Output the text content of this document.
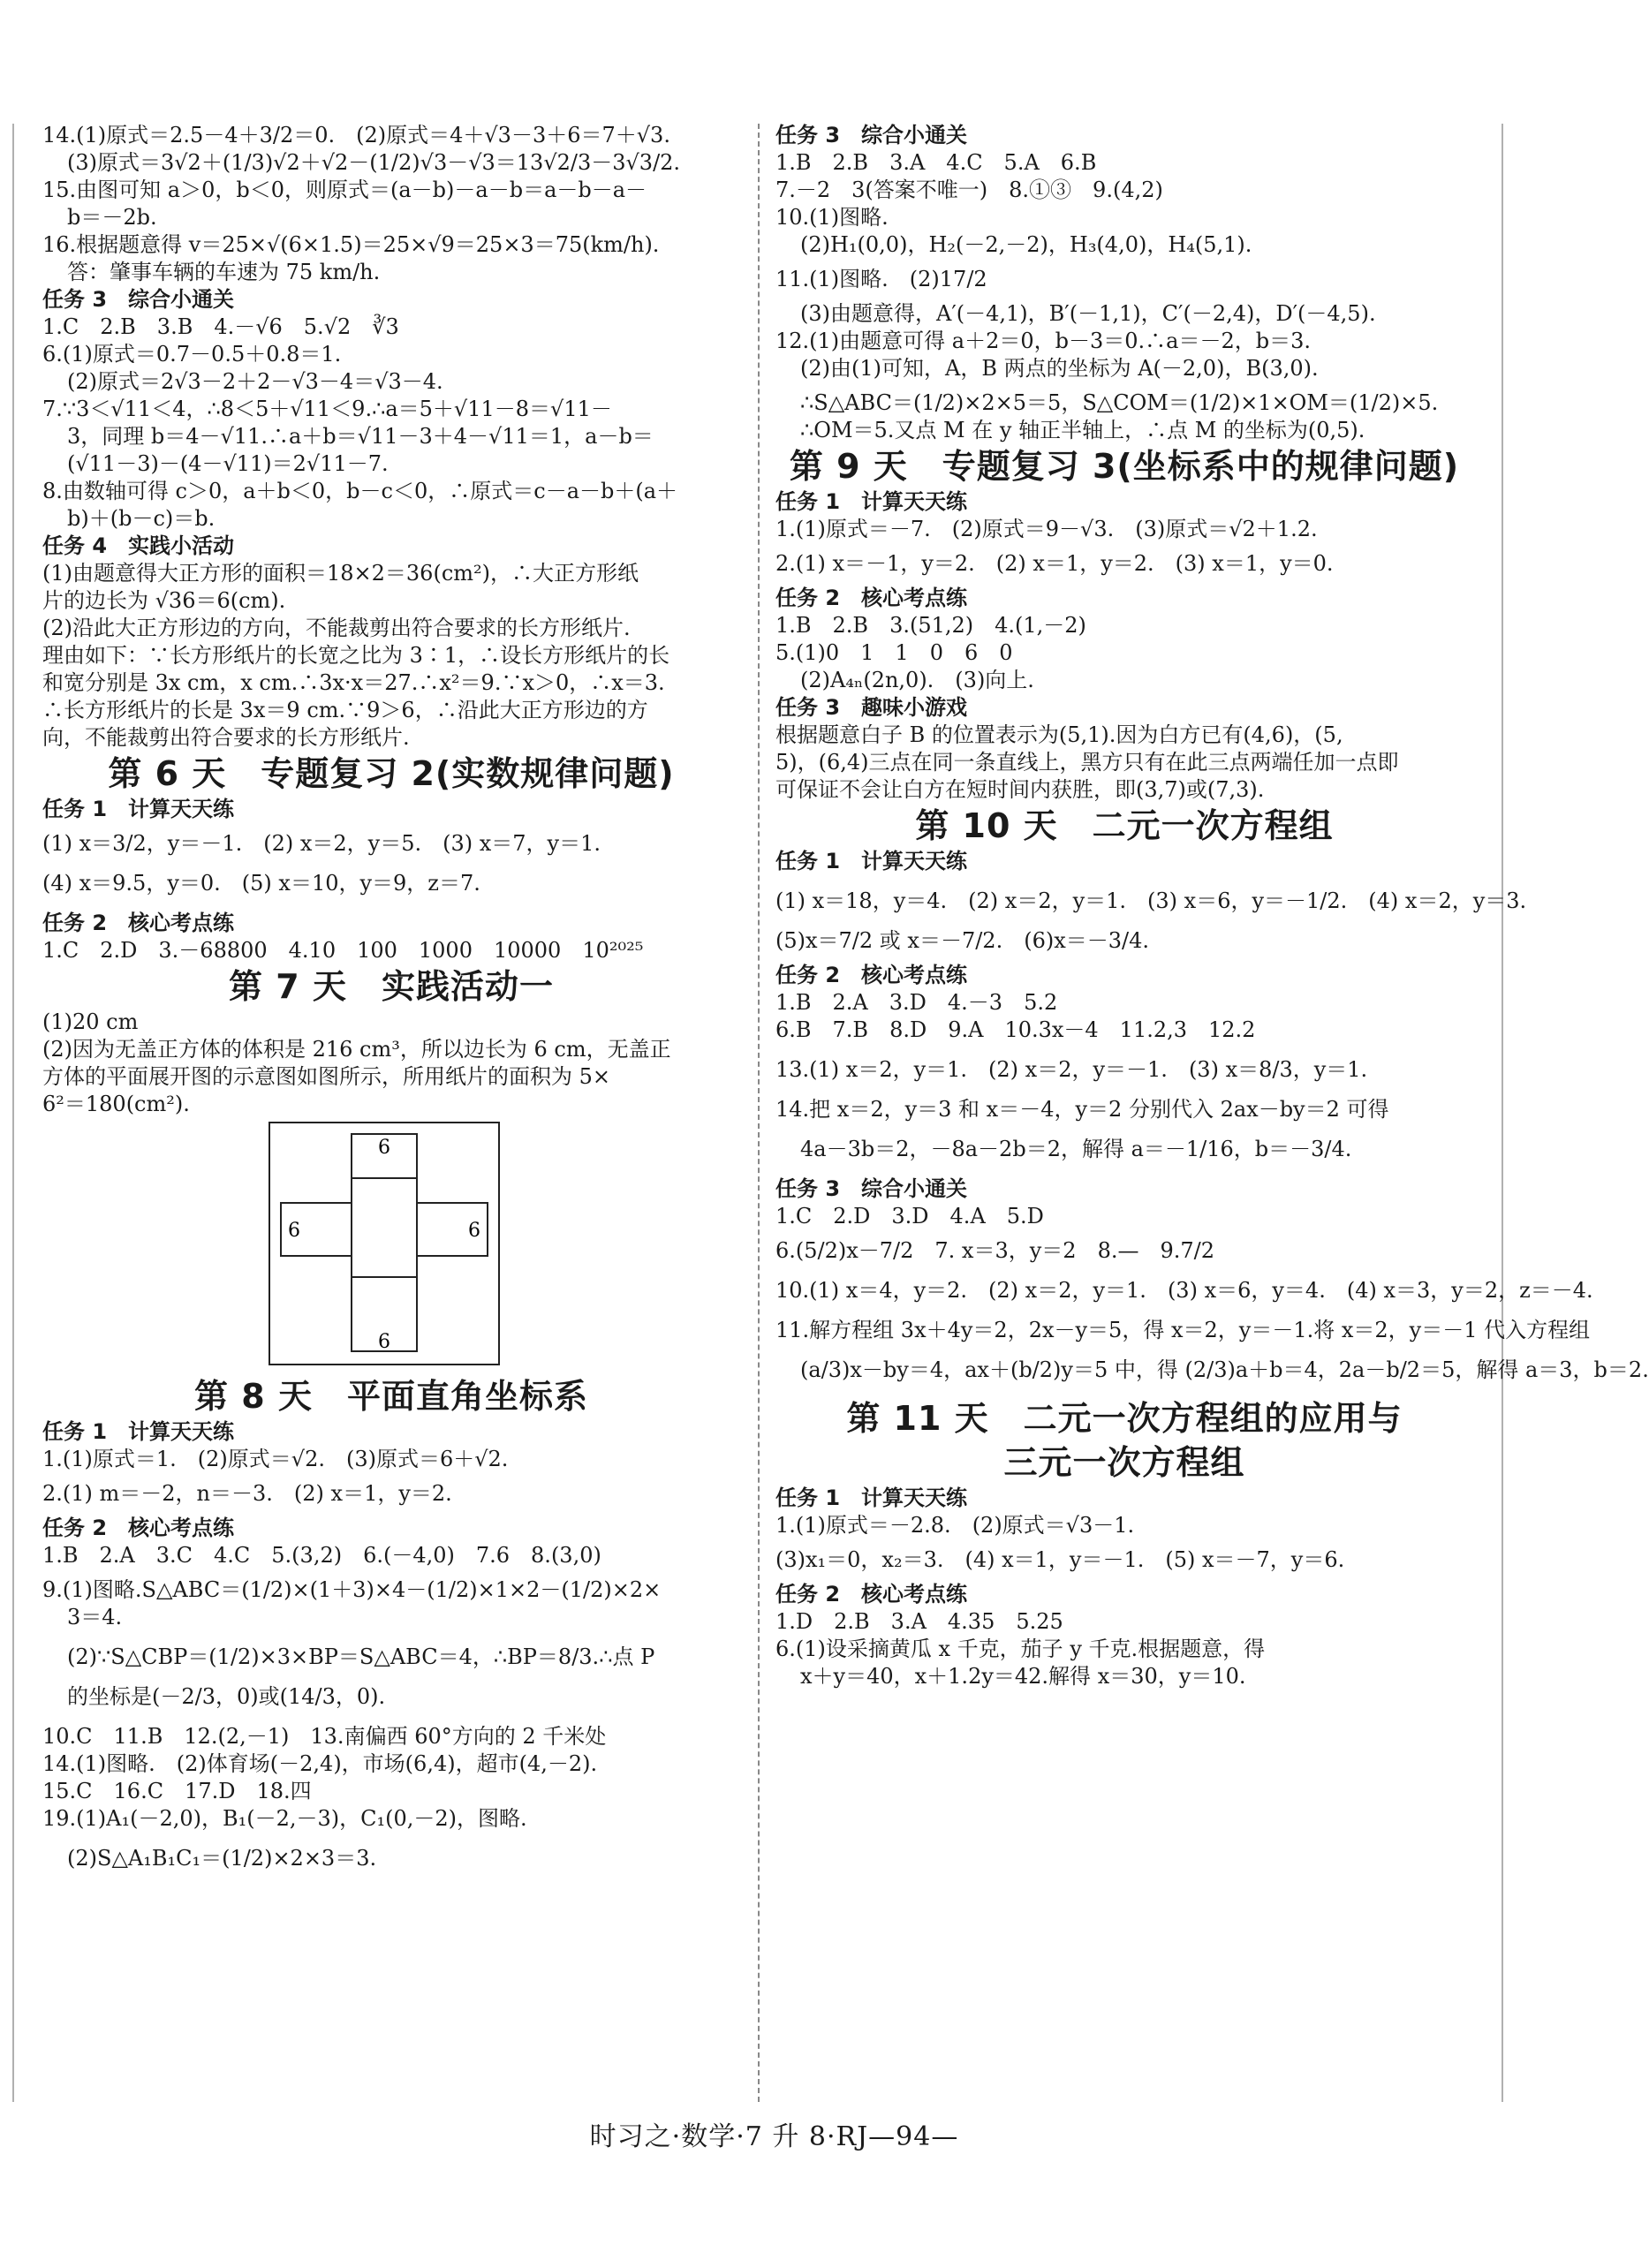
14.(1)原式＝2.5－4＋3/2＝0.　(2)原式＝4＋√3－3＋6＝7＋√3.
(3)原式＝3√2＋(1/3)√2＋√2－(1/2)√3－√3＝13√2/3－3√3/2.
15.由图可知 a＞0，b＜0，则原式＝(a－b)－a－b＝a－b－a－
b＝－2b.
16.根据题意得 v＝25×√(6×1.5)＝25×√9＝25×3＝75(km/h).
答：肇事车辆的车速为 75 km/h.
任务 3　综合小通关
1.C　2.B　3.B　4.－√6　5.√2　∛3
6.(1)原式＝0.7－0.5＋0.8＝1.
(2)原式＝2√3－2＋2－√3－4＝√3－4.
7.∵3＜√11＜4，∴8＜5＋√11＜9.∴a＝5＋√11－8＝√11－
3，同理 b＝4－√11.∴a＋b＝√11－3＋4－√11＝1，a－b＝
(√11－3)－(4－√11)＝2√11－7.
8.由数轴可得 c＞0，a＋b＜0，b－c＜0，∴原式＝c－a－b＋(a＋
b)＋(b－c)＝b.
任务 4　实践小活动
(1)由题意得大正方形的面积＝18×2＝36(cm²)，∴大正方形纸
片的边长为 √36＝6(cm).
(2)沿此大正方形边的方向，不能裁剪出符合要求的长方形纸片.
理由如下：∵长方形纸片的长宽之比为 3∶1，∴设长方形纸片的长
和宽分别是 3x cm，x cm.∴3x·x＝27.∴x²＝9.∵x＞0，∴x＝3.
∴长方形纸片的长是 3x＝9 cm.∵9＞6，∴沿此大正方形边的方
向，不能裁剪出符合要求的长方形纸片.
第 6 天　专题复习 2(实数规律问题)
任务 1　计算天天练
(1) x＝3/2，y＝－1.　(2) x＝2，y＝5.　(3) x＝7，y＝1.
(4) x＝9.5，y＝0.　(5) x＝10，y＝9，z＝7.
任务 2　核心考点练
1.C　2.D　3.－68800　4.10　100　1000　10000　10²⁰²⁵
第 7 天　实践活动一
(1)20 cm
(2)因为无盖正方体的体积是 216 cm³，所以边长为 6 cm，无盖正
方体的平面展开图的示意图如图所示，所用纸片的面积为 5×
6²＝180(cm²).
6
6	6
6
第 8 天　平面直角坐标系
任务 1　计算天天练
1.(1)原式＝1.　(2)原式＝√2.　(3)原式＝6＋√2.
2.(1) m＝－2，n＝－3.　(2) x＝1，y＝2.
任务 2　核心考点练
1.B　2.A　3.C　4.C　5.(3,2)　6.(－4,0)　7.6　8.(3,0)
9.(1)图略.S△ABC＝(1/2)×(1＋3)×4－(1/2)×1×2－(1/2)×2×
3＝4.
(2)∵S△CBP＝(1/2)×3×BP＝S△ABC＝4，∴BP＝8/3.∴点 P
的坐标是(－2/3，0)或(14/3，0).
10.C　11.B　12.(2,－1)　13.南偏西 60°方向的 2 千米处
14.(1)图略.　(2)体育场(－2,4)，市场(6,4)，超市(4,－2).
15.C　16.C　17.D　18.四
19.(1)A₁(－2,0)，B₁(－2,－3)，C₁(0,－2)，图略.
(2)S△A₁B₁C₁＝(1/2)×2×3＝3.
任务 3　综合小通关
1.B　2.B　3.A　4.C　5.A　6.B
7.－2　3(答案不唯一)　8.①③　9.(4,2)
10.(1)图略.
(2)H₁(0,0)，H₂(－2,－2)，H₃(4,0)，H₄(5,1).
11.(1)图略.　(2)17/2
(3)由题意得，A′(－4,1)，B′(－1,1)，C′(－2,4)，D′(－4,5).
12.(1)由题意可得 a＋2＝0，b－3＝0.∴a＝－2，b＝3.
(2)由(1)可知，A，B 两点的坐标为 A(－2,0)，B(3,0).
∴S△ABC＝(1/2)×2×5＝5，S△COM＝(1/2)×1×OM＝(1/2)×5.
∴OM＝5.又点 M 在 y 轴正半轴上，∴点 M 的坐标为(0,5).
第 9 天　专题复习 3(坐标系中的规律问题)
任务 1　计算天天练
1.(1)原式＝－7.　(2)原式＝9－√3.　(3)原式＝√2＋1.2.
2.(1) x＝－1，y＝2.　(2) x＝1，y＝2.　(3) x＝1，y＝0.
任务 2　核心考点练
1.B　2.B　3.(51,2)　4.(1,－2)
5.(1)0　1　1　0　6　0
(2)A₄ₙ(2n,0).　(3)向上.
任务 3　趣味小游戏
根据题意白子 B 的位置表示为(5,1).因为白方已有(4,6)，(5,
5)，(6,4)三点在同一条直线上，黑方只有在此三点两端任加一点即
可保证不会让白方在短时间内获胜，即(3,7)或(7,3).
第 10 天　二元一次方程组
任务 1　计算天天练
(1) x＝18，y＝4.　(2) x＝2，y＝1.　(3) x＝6，y＝－1/2.　(4) x＝2，y＝3.
(5)x＝7/2 或 x＝－7/2.　(6)x＝－3/4.
任务 2　核心考点练
1.B　2.A　3.D　4.－3　5.2
6.B　7.B　8.D　9.A　10.3x－4　11.2,3　12.2
13.(1) x＝2，y＝1.　(2) x＝2，y＝－1.　(3) x＝8/3，y＝1.
14.把 x＝2，y＝3 和 x＝－4，y＝2 分别代入 2ax－by＝2 可得
4a－3b＝2，－8a－2b＝2，解得 a＝－1/16，b＝－3/4.
任务 3　综合小通关
1.C　2.D　3.D　4.A　5.D
6.(5/2)x－7/2　7. x＝3，y＝2　8.—　9.7/2
10.(1) x＝4，y＝2.　(2) x＝2，y＝1.　(3) x＝6，y＝4.　(4) x＝3，y＝2，z＝－4.
11.解方程组 3x＋4y＝2，2x－y＝5，得 x＝2，y＝－1.将 x＝2，y＝－1 代入方程组
(a/3)x－by＝4，ax＋(b/2)y＝5 中，得 (2/3)a＋b＝4，2a－b/2＝5，解得 a＝3，b＝2.
第 11 天　二元一次方程组的应用与
三元一次方程组
任务 1　计算天天练
1.(1)原式＝－2.8.　(2)原式＝√3－1.
(3)x₁＝0，x₂＝3.　(4) x＝1，y＝－1.　(5) x＝－7，y＝6.
任务 2　核心考点练
1.D　2.B　3.A　4.35　5.25
6.(1)设采摘黄瓜 x 千克，茄子 y 千克.根据题意，得
x＋y＝40，x＋1.2y＝42.解得 x＝30，y＝10.
时习之·数学·7 升 8·RJ—94—
